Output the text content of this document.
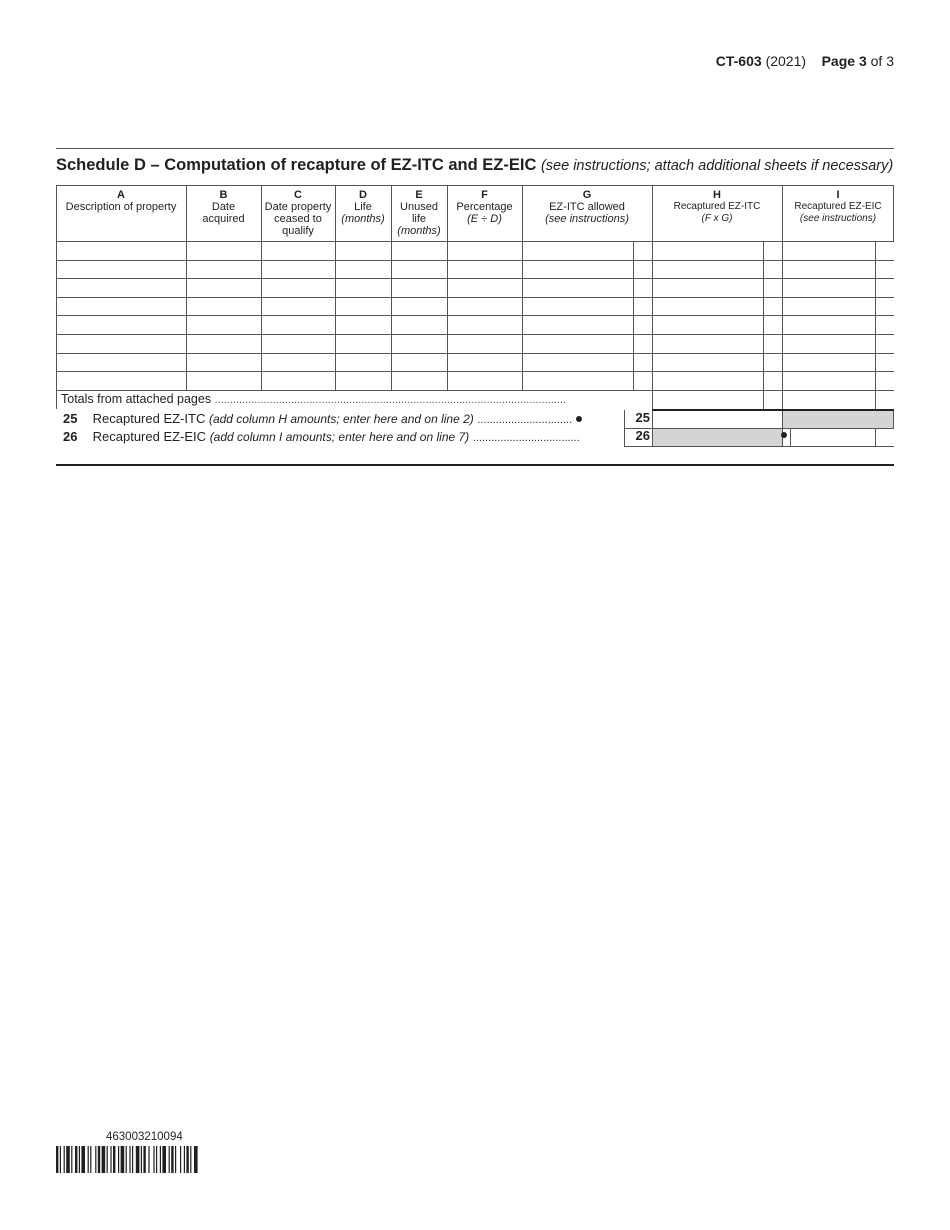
CT-603 (2021) Page 3 of 3
Schedule D – Computation of recapture of EZ-ITC and EZ-EIC (see instructions; attach additional sheets if necessary)
A
Description of property
B
Date
acquired
C
Date property
ceased to
qualify
D
Life
(months)
E
Unused
life
(months)
F
Percentage
(E ÷ D)
G
EZ-ITC allowed
(see instructions)
H
Recaptured EZ-ITC
(F x G)
I
Recaptured EZ-EIC
(see instructions)
Totals from attached pages ...................................................................................................................
25 Recaptured EZ-ITC (add column H amounts; enter here and on line 2) ...............................	25
26 Recaptured EZ-EIC (add column I amounts; enter here and on line 7) ...................................	26
463003210094
